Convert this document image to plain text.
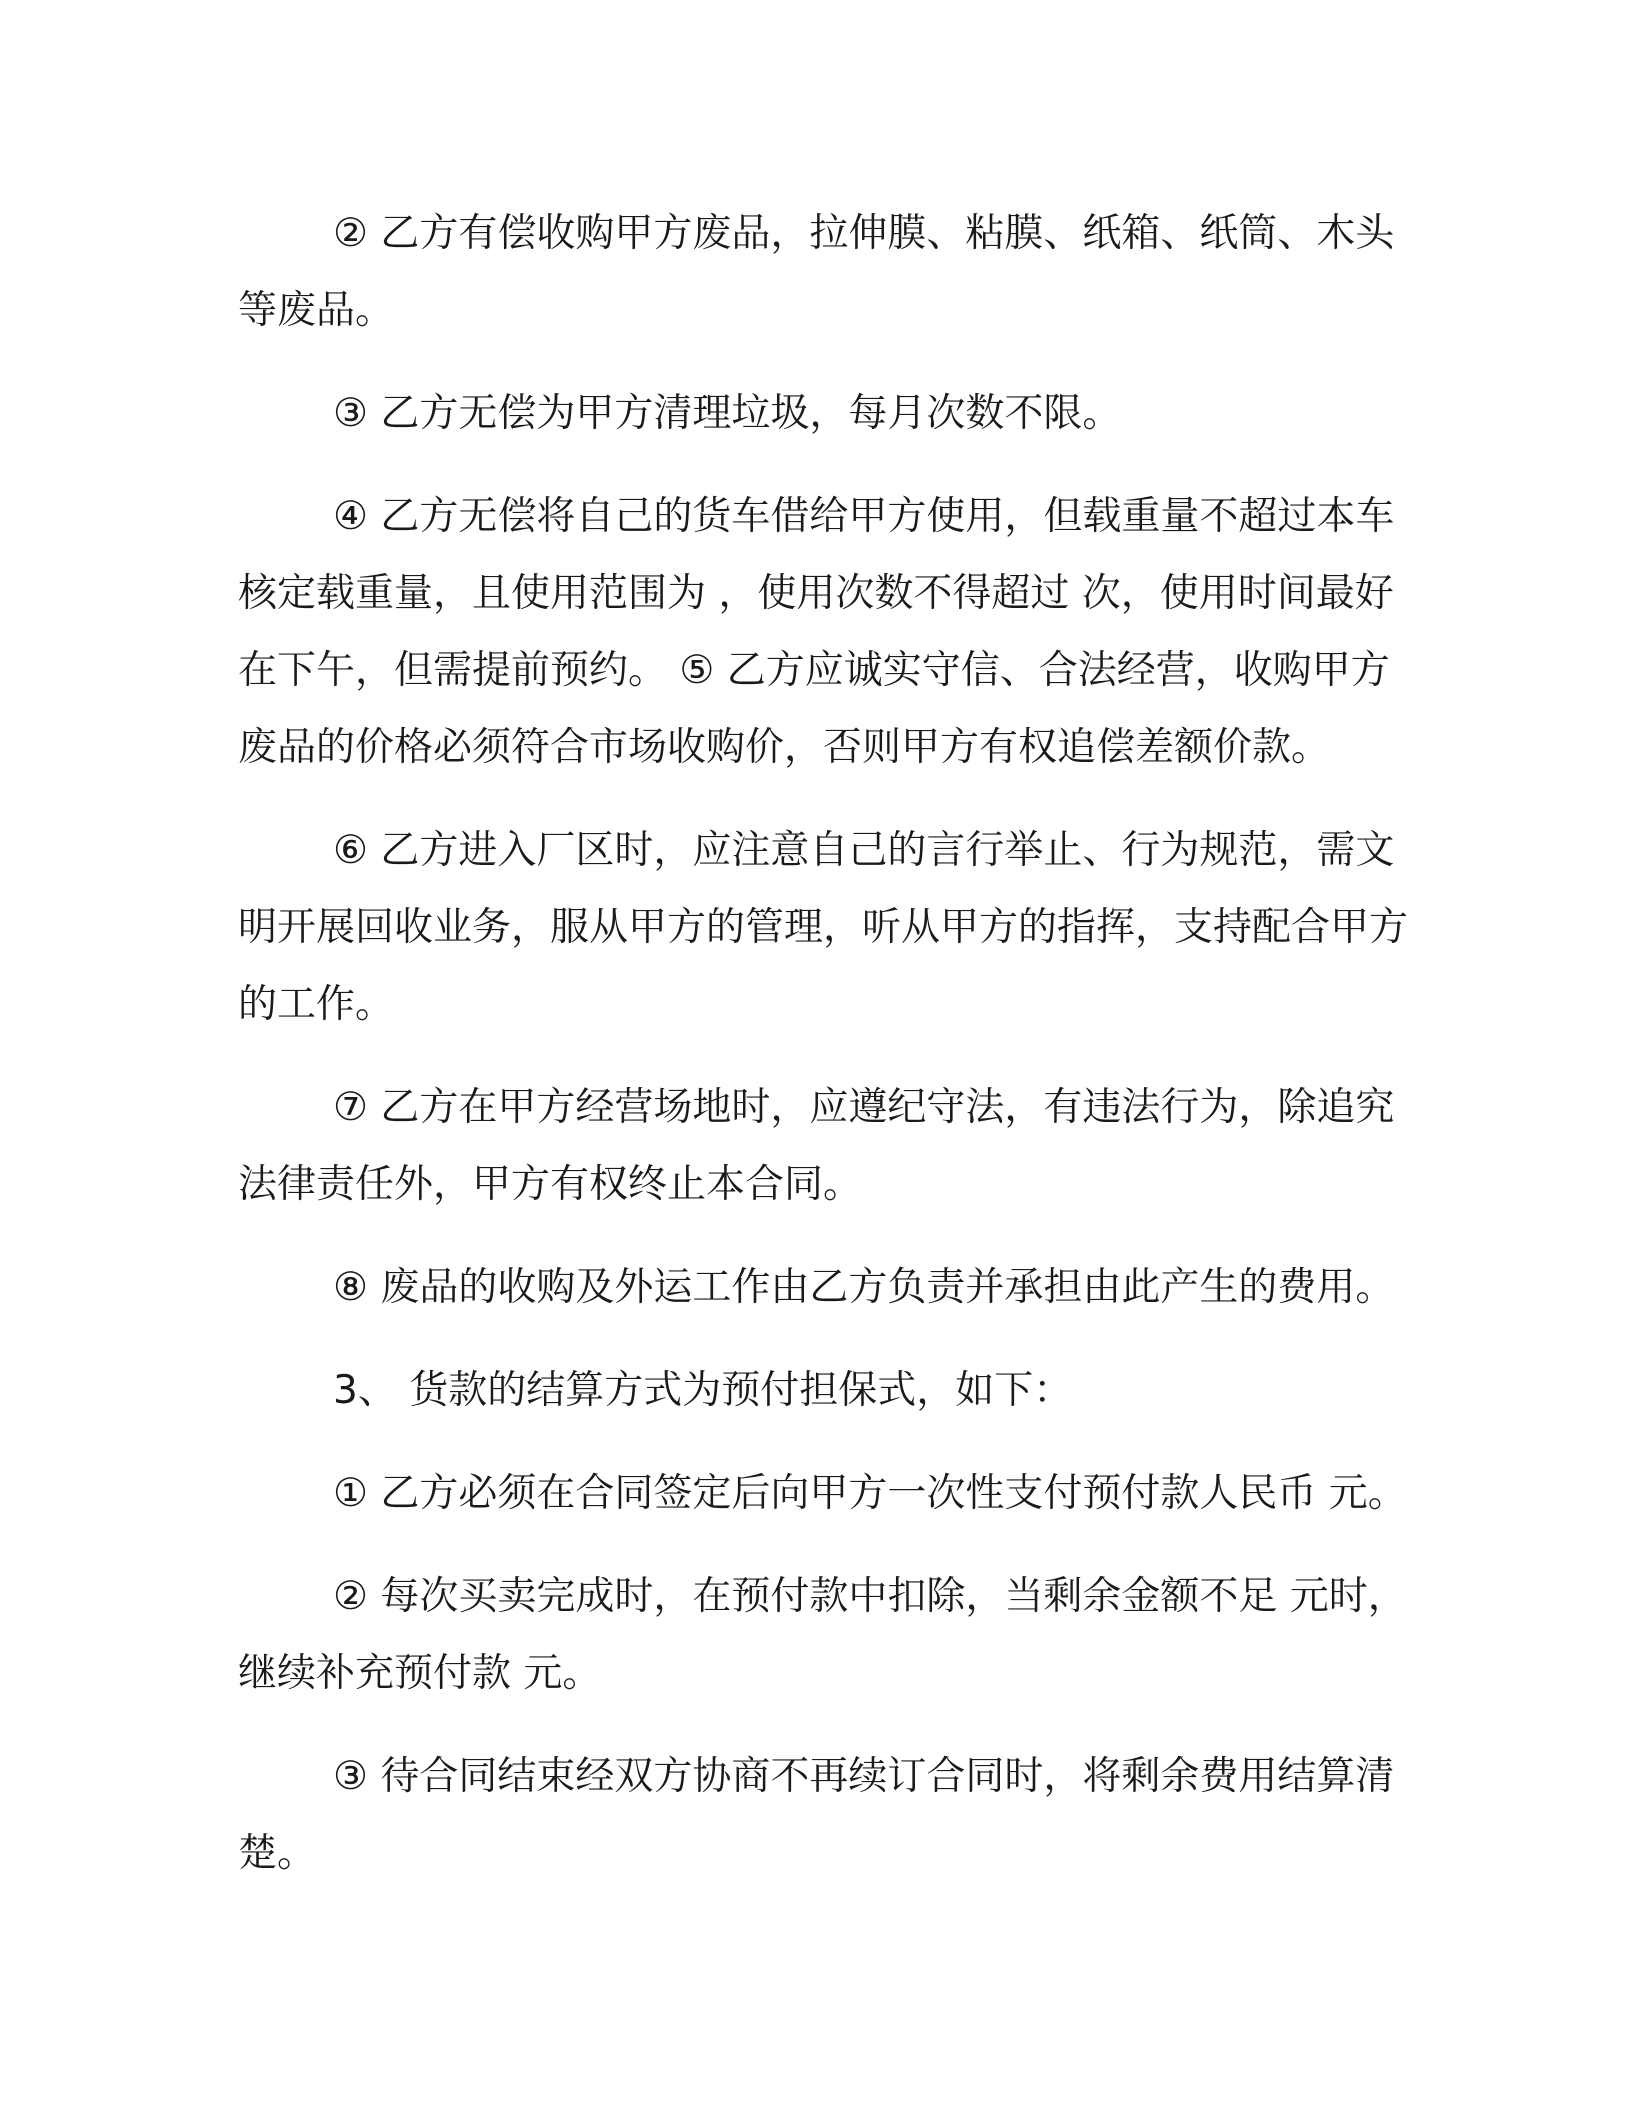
② 乙方有偿收购甲方废品，拉伸膜、粘膜、纸箱、纸筒、木头等废品。

③ 乙方无偿为甲方清理垃圾，每月次数不限。

④ 乙方无偿将自己的货车借给甲方使用，但载重量不超过本车核定载重量，且使用范围为 ，使用次数不得超过 次，使用时间最好在下午，但需提前预约。 ⑤ 乙方应诚实守信、合法经营，收购甲方废品的价格必须符合市场收购价，否则甲方有权追偿差额价款。

⑥ 乙方进入厂区时，应注意自己的言行举止、行为规范，需文明开展回收业务，服从甲方的管理，听从甲方的指挥，支持配合甲方的工作。

⑦ 乙方在甲方经营场地时，应遵纪守法，有违法行为，除追究法律责任外，甲方有权终止本合同。

⑧ 废品的收购及外运工作由乙方负责并承担由此产生的费用。

3、 货款的结算方式为预付担保式，如下：

① 乙方必须在合同签定后向甲方一次性支付预付款人民币 元。

② 每次买卖完成时，在预付款中扣除，当剩余金额不足 元时，继续补充预付款 元。

③ 待合同结束经双方协商不再续订合同时，将剩余费用结算清楚。
